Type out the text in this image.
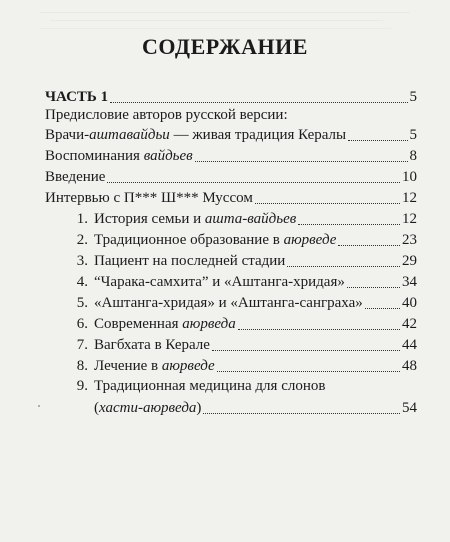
СОДЕРЖАНИЕ
ЧАСТЬ 1	5
Предисловие авторов русской версии:
Врачи-аштавайдьи — живая традиция Кералы	5
Воспоминания вайдьев	8
Введение	10
Интервью с П*** Ш*** Муссом	12
1. История семьи и ашта-вайдьев	12
2. Традиционное образование в аюрведе	23
3. Пациент на последней стадии	29
4. “Чарака-самхита” и «Аштанга-хридая»	34
5. «Аштанга-хридая» и «Аштанга-санграха»	40
6. Современная аюрведа	42
7. Вагбхата в Керале	44
8. Лечение в аюрведе	48
9. Традиционная медицина для слонов
(хасти-аюрведа)	54
